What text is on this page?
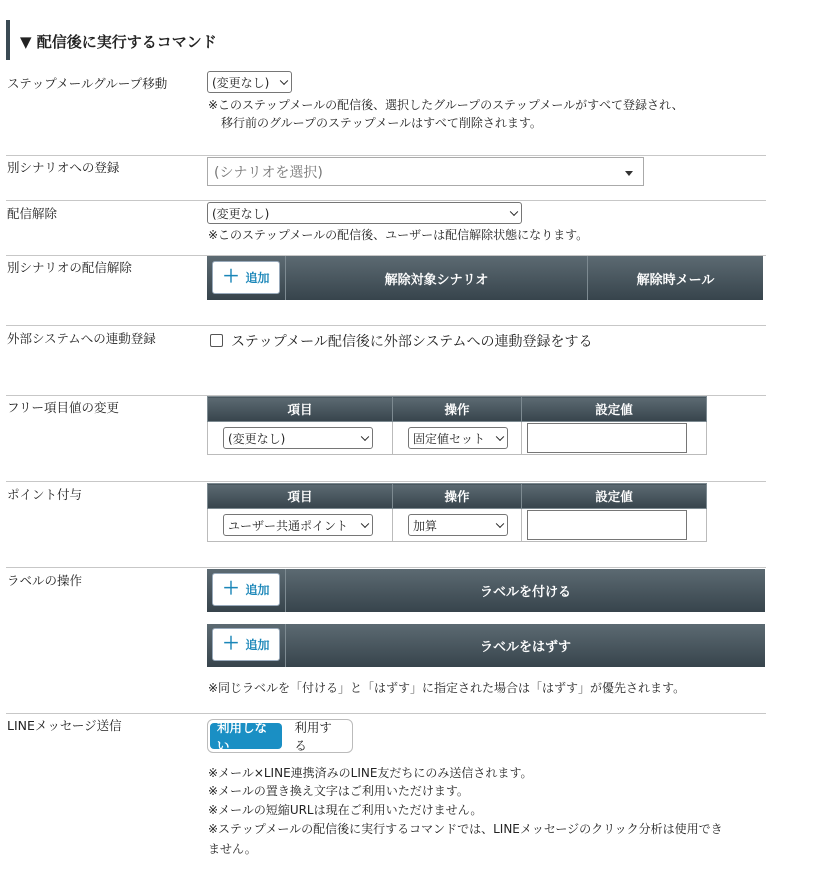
▼ 配信後に実行するコマンド
ステップメールグループ移動	(変更なし)
※このステップメールの配信後、選択したグループのステップメールがすべて登録され、
移行前のグループのステップメールはすべて削除されます。
別シナリオへの登録	(シナリオを選択)
配信解除	(変更なし)
※このステップメールの配信後、ユーザーは配信解除状態になります。
別シナリオの配信解除
解除対象シナリオ	解除時メール
＋ 追加
外部システムへの連動登録	ステップメール配信後に外部システムへの連動登録をする
フリー項目値の変更	項目	操作	設定値

(変更なし)	固定値セット	

ポイント付与	項目	操作	設定値

ユーザー共通ポイント	加算	

ラベルの操作
ラベルを付ける
＋ 追加
ラベルをはずす
＋ 追加
※同じラベルを「付ける」と「はずす」に指定された場合は「はずす」が優先されます。
LINEメッセージ送信	利用しない
利用する
※メール×LINE連携済みのLINE友だちにのみ送信されます。
※メールの置き換え文字はご利用いただけます。
※メールの短縮URLは現在ご利用いただけません。
※ステップメールの配信後に実行するコマンドでは、LINEメッセージのクリック分析は使用でき
ません。
